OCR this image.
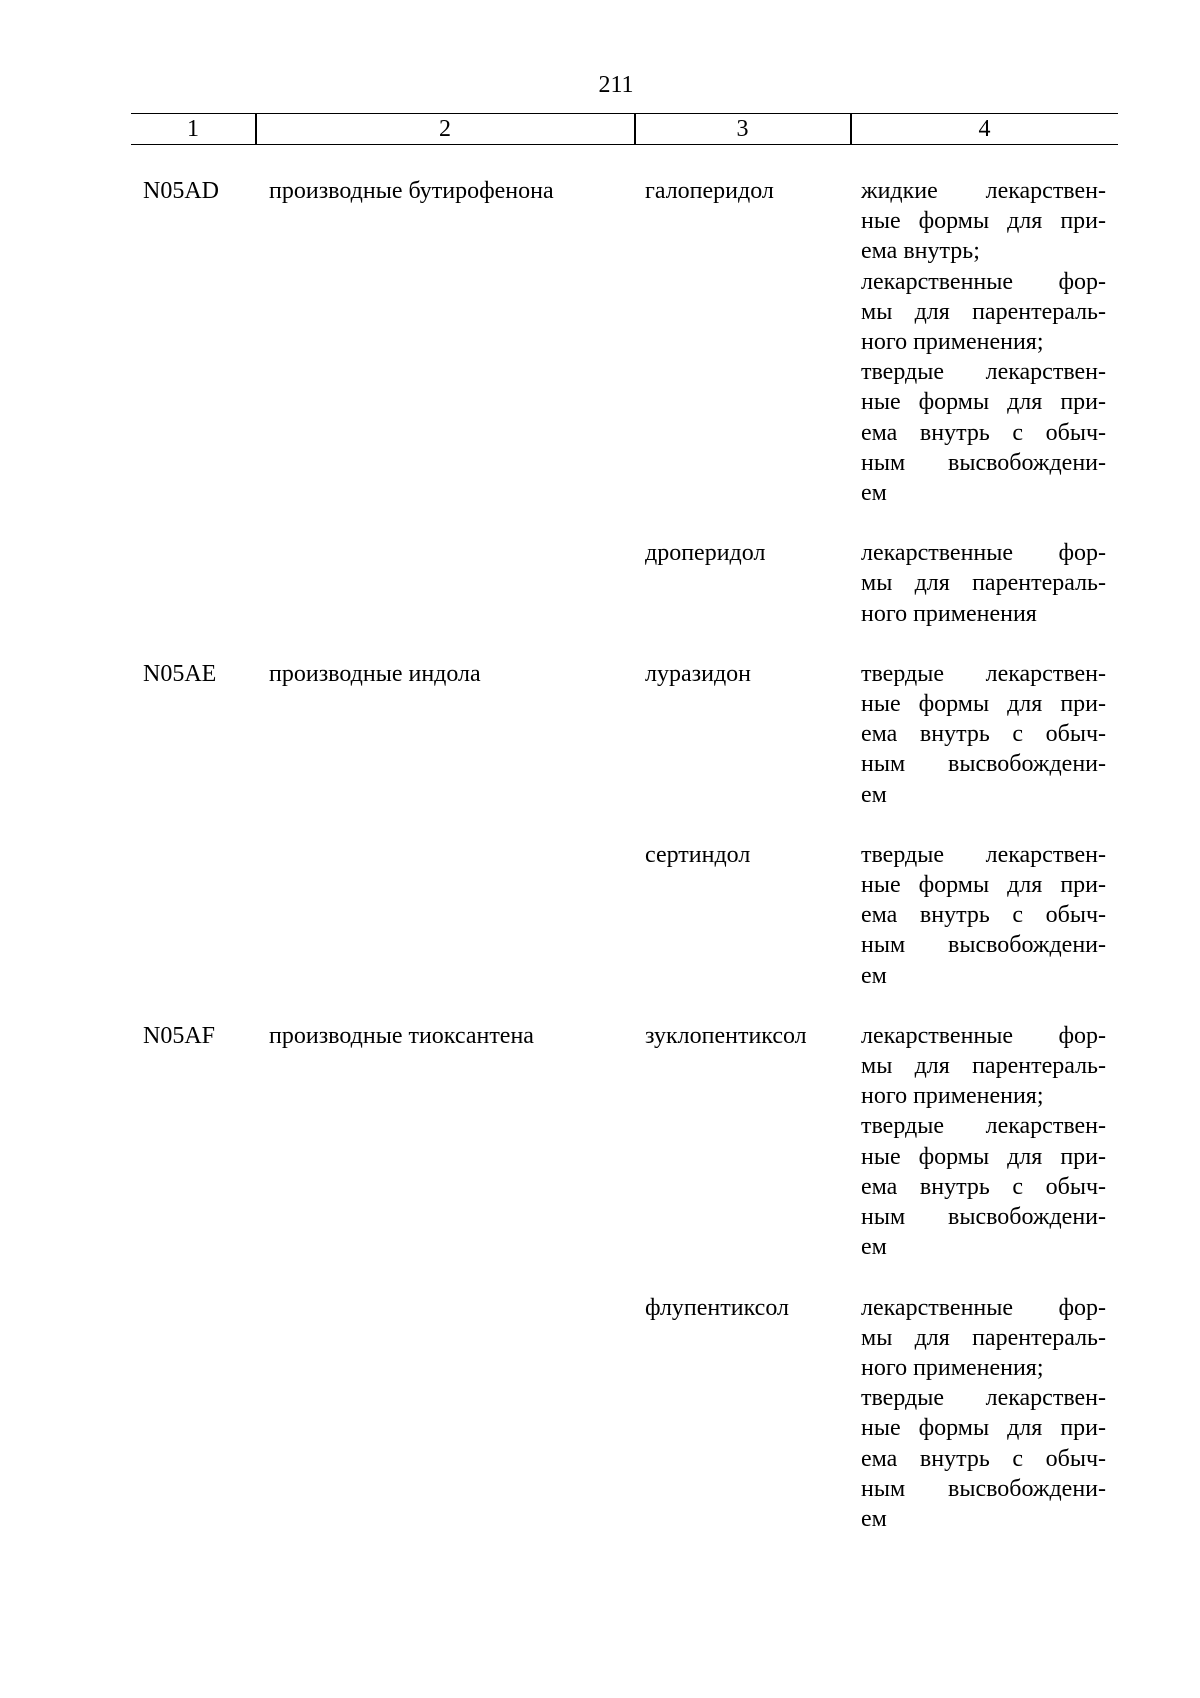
211
1	2	3	4
N05AD	производные бутирофенона	галоперидол	жидкие лекарствен-
ные формы для при-
ема внутрь;
лекарственные фор-
мы для парентераль-
ного применения;
твердые лекарствен-
ные формы для при-
ема внутрь с обыч-
ным высвобождени-
ем
дроперидол	лекарственные фор-
мы для парентераль-
ного применения
N05AE	производные индола	луразидон	твердые лекарствен-
ные формы для при-
ема внутрь с обыч-
ным высвобождени-
ем
сертиндол	твердые лекарствен-
ные формы для при-
ема внутрь с обыч-
ным высвобождени-
ем
N05AF	производные тиоксантена	зуклопентиксол	лекарственные фор-
мы для парентераль-
ного применения;
твердые лекарствен-
ные формы для при-
ема внутрь с обыч-
ным высвобождени-
ем
флупентиксол	лекарственные фор-
мы для парентераль-
ного применения;
твердые лекарствен-
ные формы для при-
ема внутрь с обыч-
ным высвобождени-
ем
